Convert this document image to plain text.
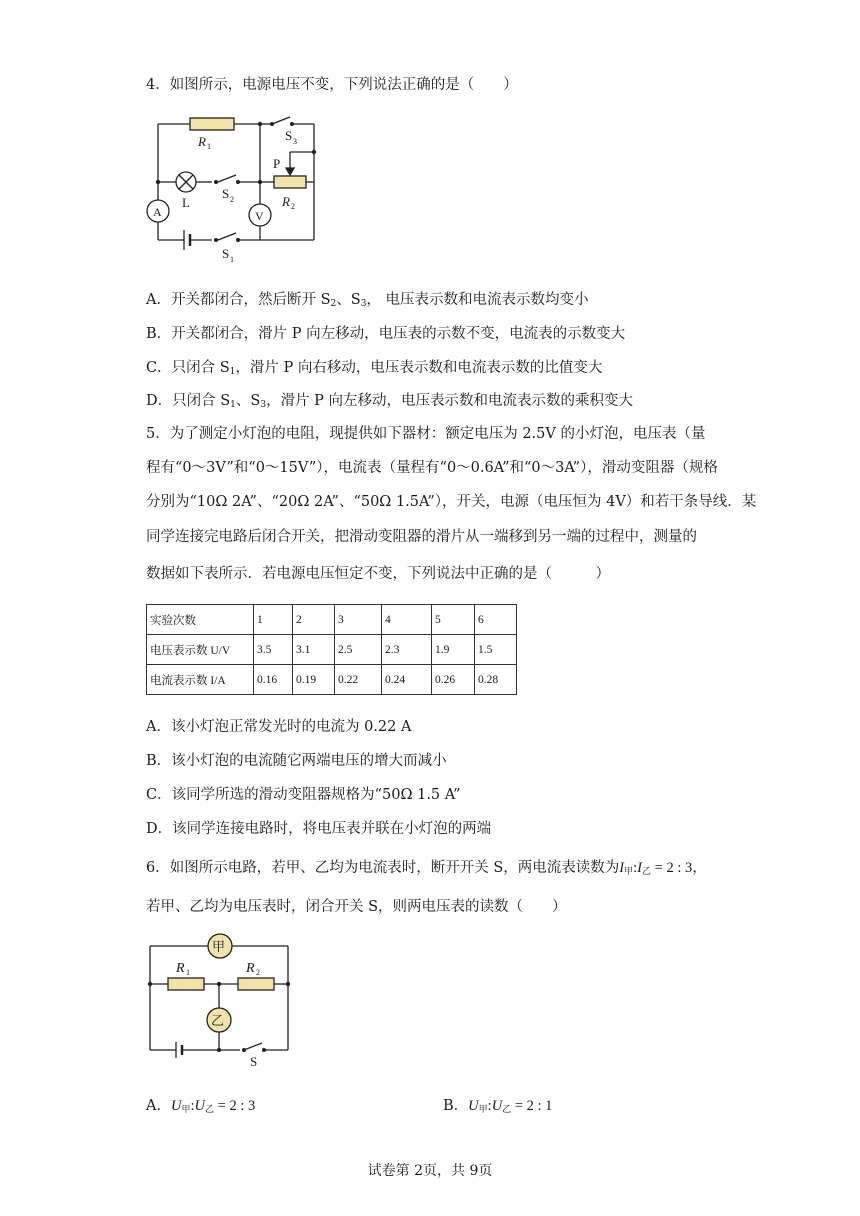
4．如图所示，电源电压不变，下列说法正确的是（　　）
R 1
S 3
P
L
S 2	R 2
A	V
S 1
A．开关都闭合，然后断开 $S_2$、$S_3$， 电压表示数和电流表示数均变小
B．开关都闭合，滑片 P 向左移动，电压表的示数不变，电流表的示数变大
C．只闭合 $S_1$，滑片 P 向右移动，电压表示数和电流表示数的比值变大
D．只闭合 $S_1$、$S_3$，滑片 P 向左移动，电压表示数和电流表示数的乘积变大
5．为了测定小灯泡的电阻，现提供如下器材：额定电压为 2.5V 的小灯泡，电压表（量
程有“0～3V”和“0～15V”），电流表（量程有“0～0.6A”和“0～3A”），滑动变阻器（规格
分别为“10Ω 2A”、“20Ω 2A”、“50Ω 1.5A”），开关，电源（电压恒为 4V）和若干条导线．某
同学连接完电路后闭合开关，把滑动变阻器的滑片从一端移到另一端的过程中，测量的
数据如下表所示．若电源电压恒定不变，下列说法中正确的是（　　　）
实验次数	1	2	3	4	5	6
电压表示数 U/V	3.5	3.1	2.5	2.3	1.9	1.5
电流表示数 I/A	0.16	0.19	0.22	0.24	0.26	0.28
A．该小灯泡正常发光时的电流为 0.22 A
B．该小灯泡的电流随它两端电压的增大而减小
C．该同学所选的滑动变阻器规格为“50Ω 1.5 A”
D．该同学连接电路时，将电压表并联在小灯泡的两端
6．如图所示电路，若甲、乙均为电流表时，断开开关 S，两电流表读数为$I_甲:I_乙 = 2$ : 3，
若甲、乙均为电压表时，闭合开关 S，则两电压表的读数（　　）
甲
乙
R 1	R 2
S
A．$U_甲:U_乙 = 2$ : 3	B．$U_甲:U_乙 = 2$ : 1
试卷第 2页，共 9页
